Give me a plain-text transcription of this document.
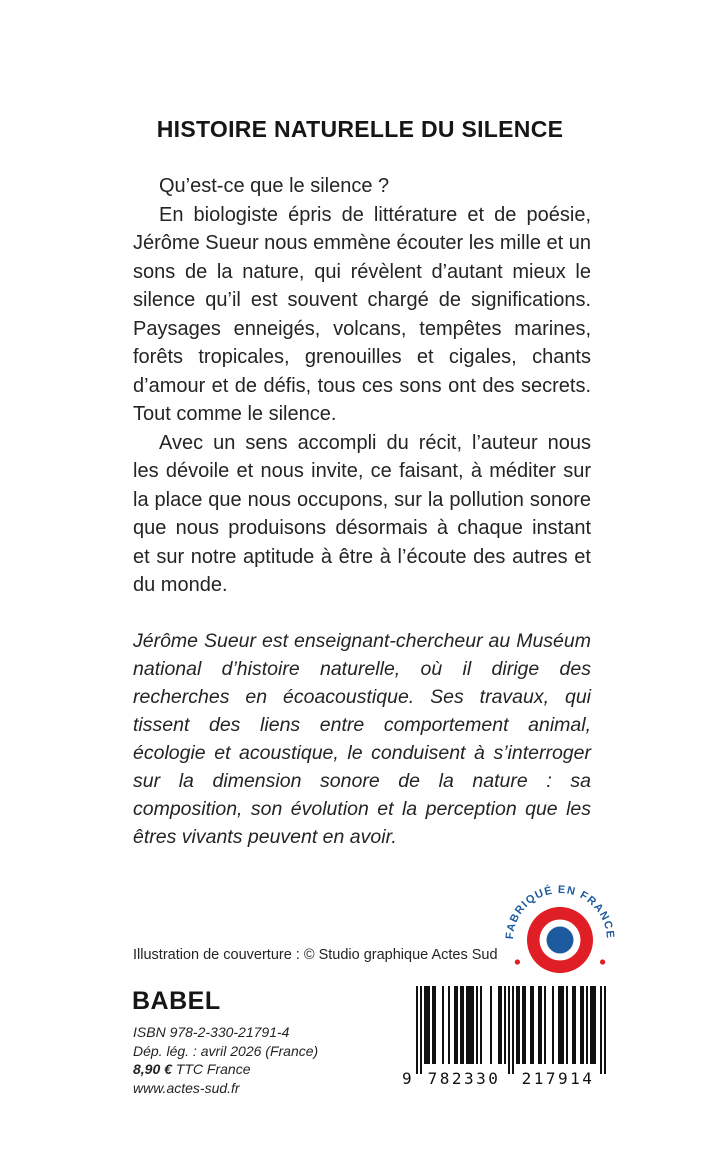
HISTOIRE NATURELLE DU SILENCE

Qu’est-ce que le silence ?

En biologiste épris de littérature et de poésie, Jérôme Sueur nous emmène écouter les mille et un sons de la nature, qui révèlent d’autant mieux le silence qu’il est souvent chargé de significations. Paysages enneigés, volcans, tempêtes marines, forêts tropicales, grenouilles et cigales, chants d’amour et de défis, tous ces sons ont des secrets. Tout comme le silence.

Avec un sens accompli du récit, l’auteur nous les dévoile et nous invite, ce faisant, à méditer sur la place que nous occupons, sur la pollution sonore que nous produisons désormais à chaque instant et sur notre aptitude à être à l’écoute des autres et du monde.

Jérôme Sueur est enseignant-chercheur au Muséum national d’histoire naturelle, où il dirige des recherches en écoacoustique. Ses travaux, qui tissent des liens entre comportement animal, écologie et acoustique, le conduisent à s’interroger sur la dimension sonore de la nature : sa composition, son évolution et la perception que les êtres vivants peuvent en avoir.
FABRIQUÉ EN FRANCE
Illustration de couverture : © Studio graphique Actes Sud
BABEL
ISBN 978-2-330-21791-4
Dép. lég. : avril 2026 (France)
8,90 € TTC France
www.actes-sud.fr	9 782330 217914
